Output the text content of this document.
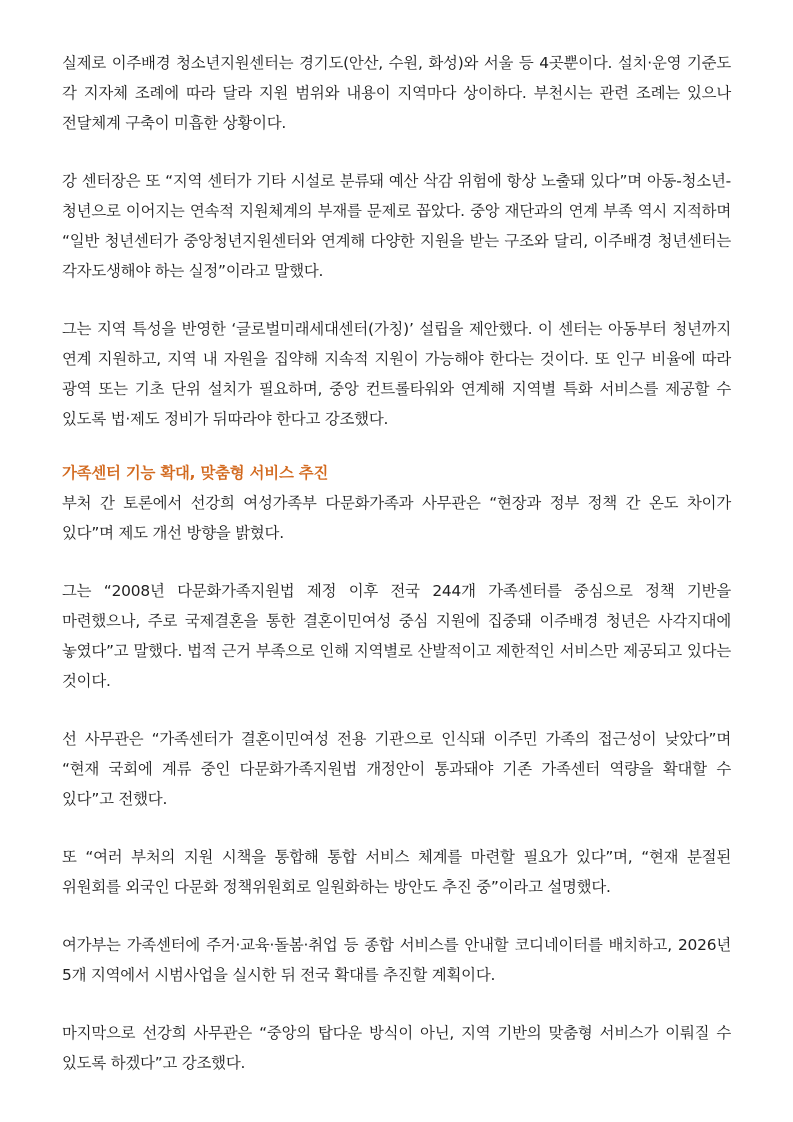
실제로 이주배경 청소년지원센터는 경기도(안산, 수원, 화성)와 서울 등 4곳뿐이다. 설치·운영 기준도 각 지자체 조례에 따라 달라 지원 범위와 내용이 지역마다 상이하다. 부천시는 관련 조례는 있으나 전달체계 구축이 미흡한 상황이다.

강 센터장은 또 “지역 센터가 기타 시설로 분류돼 예산 삭감 위험에 항상 노출돼 있다”며 아동-청소년-청년으로 이어지는 연속적 지원체계의 부재를 문제로 꼽았다. 중앙 재단과의 연계 부족 역시 지적하며 “일반 청년센터가 중앙청년지원센터와 연계해 다양한 지원을 받는 구조와 달리, 이주배경 청년센터는 각자도생해야 하는 실정”이라고 말했다.

그는 지역 특성을 반영한 ‘글로벌미래세대센터(가칭)’ 설립을 제안했다. 이 센터는 아동부터 청년까지 연계 지원하고, 지역 내 자원을 집약해 지속적 지원이 가능해야 한다는 것이다. 또 인구 비율에 따라 광역 또는 기초 단위 설치가 필요하며, 중앙 컨트롤타워와 연계해 지역별 특화 서비스를 제공할 수 있도록 법·제도 정비가 뒤따라야 한다고 강조했다.

가족센터 기능 확대, 맞춤형 서비스 추진

부처 간 토론에서 선강희 여성가족부 다문화가족과 사무관은 “현장과 정부 정책 간 온도 차이가 있다”며 제도 개선 방향을 밝혔다.

그는 “2008년 다문화가족지원법 제정 이후 전국 244개 가족센터를 중심으로 정책 기반을 마련했으나, 주로 국제결혼을 통한 결혼이민여성 중심 지원에 집중돼 이주배경 청년은 사각지대에 놓였다”고 말했다. 법적 근거 부족으로 인해 지역별로 산발적이고 제한적인 서비스만 제공되고 있다는 것이다.

선 사무관은 “가족센터가 결혼이민여성 전용 기관으로 인식돼 이주민 가족의 접근성이 낮았다”며 “현재 국회에 계류 중인 다문화가족지원법 개정안이 통과돼야 기존 가족센터 역량을 확대할 수 있다”고 전했다.

또 “여러 부처의 지원 시책을 통합해 통합 서비스 체계를 마련할 필요가 있다”며, “현재 분절된 위원회를 외국인 다문화 정책위원회로 일원화하는 방안도 추진 중”이라고 설명했다.

여가부는 가족센터에 주거·교육·돌봄·취업 등 종합 서비스를 안내할 코디네이터를 배치하고, 2026년 5개 지역에서 시범사업을 실시한 뒤 전국 확대를 추진할 계획이다.

마지막으로 선강희 사무관은 “중앙의 탑다운 방식이 아닌, 지역 기반의 맞춤형 서비스가 이뤄질 수 있도록 하겠다”고 강조했다.
